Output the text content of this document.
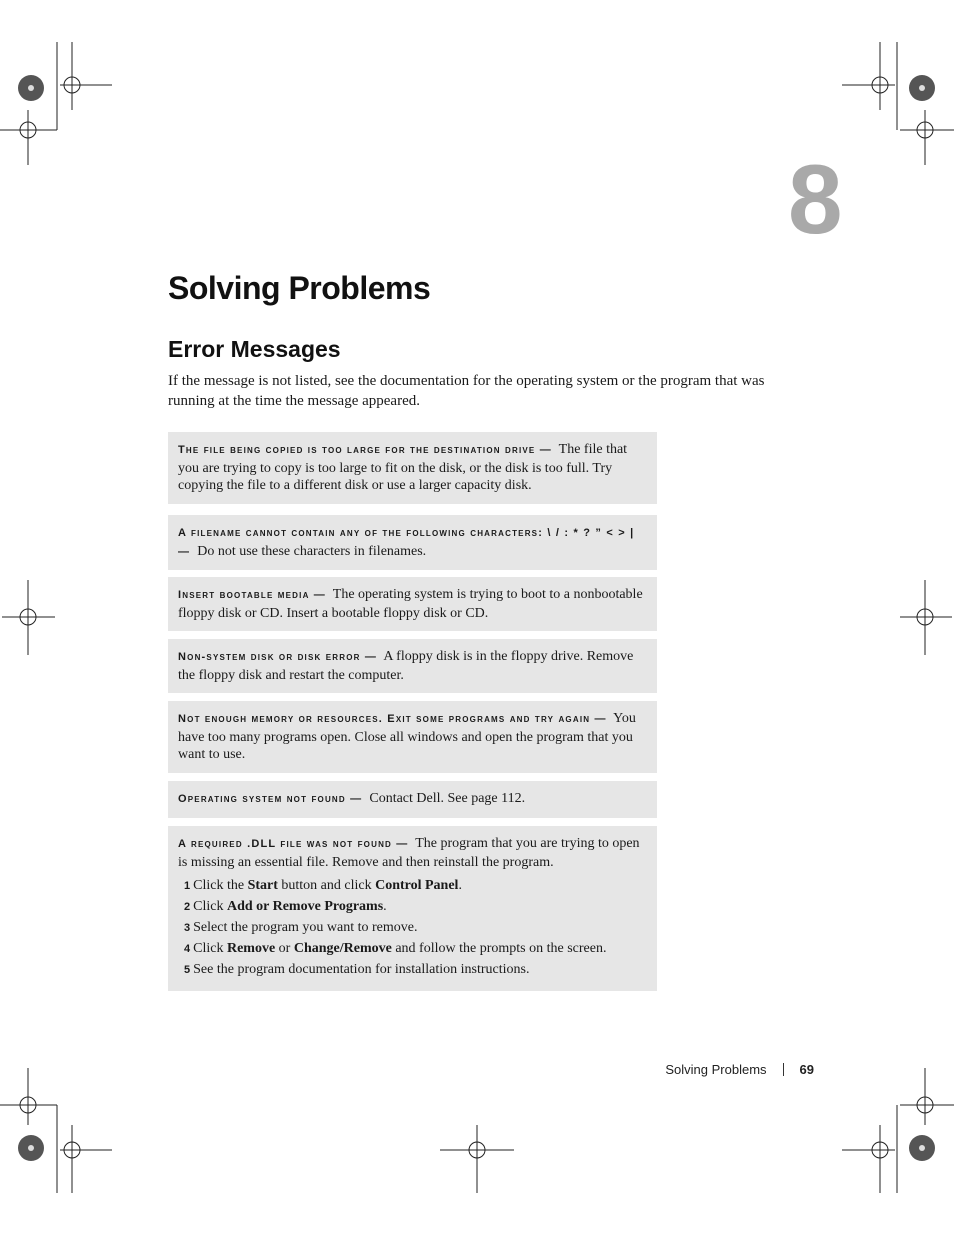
8
Solving Problems
Error Messages

If the message is not listed, see the documentation for the operating system or the program that was running at the time the message appeared.

The file being copied is too large for the destination drive — The file that you are trying to copy is too large to fit on the disk, or the disk is too full. Try copying the file to a different disk or use a larger capacity disk.
A filename cannot contain any of the following characters: \ / : * ? ” < > | — Do not use these characters in filenames.
Insert bootable media — The operating system is trying to boot to a nonbootable floppy disk or CD. Insert a bootable floppy disk or CD.
Non-system disk or disk error — A floppy disk is in the floppy drive. Remove the floppy disk and restart the computer.
Not enough memory or resources. Exit some programs and try again — You have too many programs open. Close all windows and open the program that you want to use.
Operating system not found — Contact Dell. See page 112.
A required .DLL file was not found — The program that you are trying to open is missing an essential file. Remove and then reinstall the program.
1 Click the Start button and click Control Panel.
2 Click Add or Remove Programs.
3 Select the program you want to remove.
4 Click Remove or Change/Remove and follow the prompts on the screen.
5 See the program documentation for installation instructions.
Solving Problems	69
